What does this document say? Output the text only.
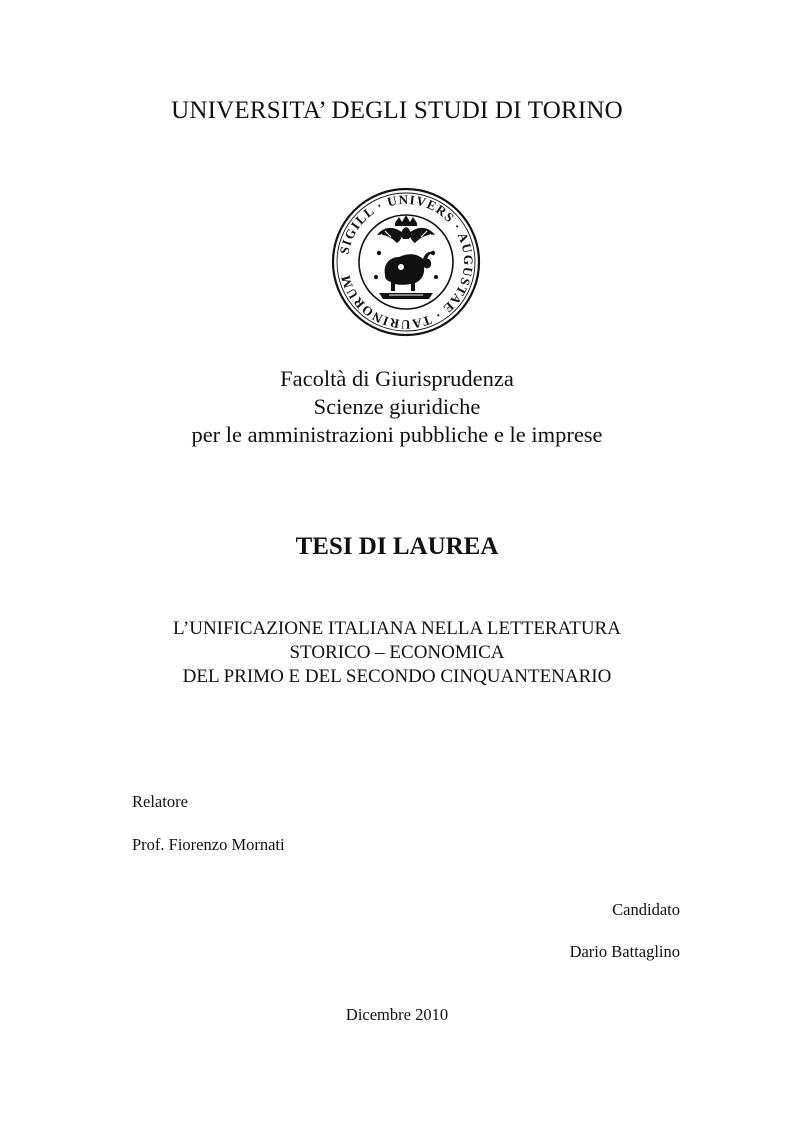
UNIVERSITA’ DEGLI STUDI DI TORINO
SIGILL · UNIVERS · AUGUSTAE · TAURINORUM
Facoltà di Giurisprudenza
Scienze giuridiche
per le amministrazioni pubbliche e le imprese
TESI DI LAUREA
L’UNIFICAZIONE ITALIANA NELLA LETTERATURA
STORICO – ECONOMICA
DEL PRIMO E DEL SECONDO CINQUANTENARIO
Relatore
Prof. Fiorenzo Mornati
Candidato
Dario Battaglino
Dicembre 2010
